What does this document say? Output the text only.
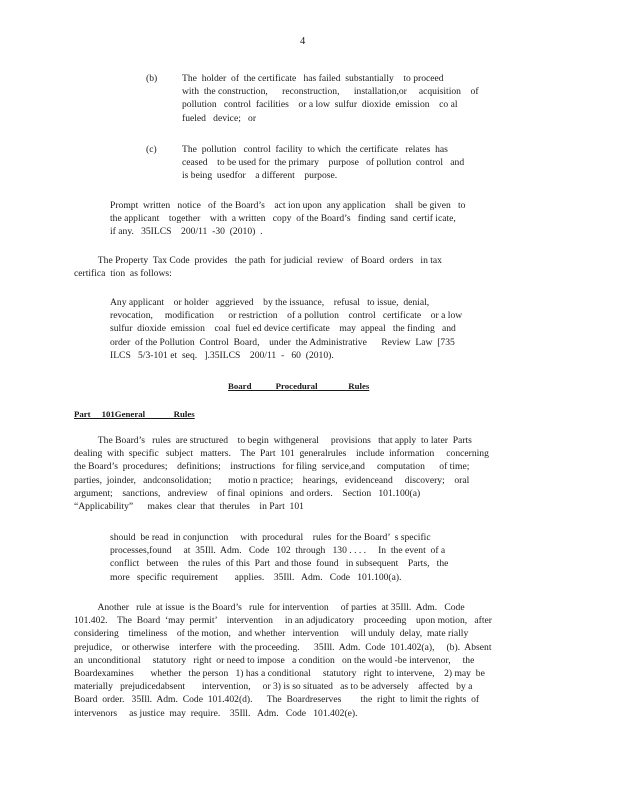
4
(b)	The  holder  of  the certificate   has failed  substantially    to proceed
with  the construction,      reconstruction,      installation,or     acquisition    of
pollution   control  facilities    or a low  sulfur  dioxide  emission    co al
fueled   device;   or
(c)	The  pollution   control  facility  to which  the certificate   relates  has
ceased    to be used for  the primary    purpose   of pollution  control   and
is being  usedfor    a different    purpose.
Prompt  written   notice   of  the Board’s    act ion upon  any application    shall  be given   to
the applicant    together    with  a written   copy  of the Board’s   finding  sand  certif icate,
if any.   35ILCS    200/11  -30  (2010)  .
The Property  Tax Code  provides   the path  for judicial  review   of Board  orders   in tax
certifica  tion  as follows:
Any applicant    or holder   aggrieved    by the issuance,    refusal   to issue,  denial,
revocation,     modification      or restriction    of a pollution    control   certificate    or a low
sulfur  dioxide  emission    coal  fuel ed device certificate    may  appeal   the finding   and
order  of the Pollution  Control  Board,    under  the Administrative      Review  Law  [735
ILCS   5/3-101 et  seq.   ].35ILCS    200/11  -   60  (2010).
Board           Procedural              Rules
Part     101General             Rules
The Board’s   rules  are structured    to begin  withgeneral     provisions   that apply  to later  Parts
dealing  with  specific   subject   matters.    The  Part  101  generalrules    include  information     concerning
the Board’s  procedures;    definitions;    instructions   for filing  service,and     computation      of time;
parties,  joinder,   andconsolidation;       motio n practice;    hearings,   evidenceand     discovery;    oral
argument;    sanctions,   andreview    of final  opinions   and orders.    Section   101.100(a)
“Applicability”      makes  clear  that  therules    in Part  101
should  be read  in conjunction     with  procedural    rules  for the Board’  s specific
processes,found     at  35Ill.  Adm.   Code   102  through   130 . . . .     In  the event  of a
conflict   between    the rules  of this  Part  and those  found   in subsequent    Parts,   the
more   specific  requirement       applies.    35Ill.   Adm.   Code   101.100(a).
Another   rule  at issue  is the Board’s   rule  for intervention     of parties  at 35Ill.  Adm.   Code
101.402.    The  Board  ‘may  permit’    intervention     in an adjudicatory    proceeding    upon motion,   after
considering    timeliness    of the motion,   and whether   intervention     will unduly  delay,  mate rially
prejudice,    or otherwise    interfere   with  the proceeding.      35Ill.  Adm.  Code  101.402(a),     (b).  Absent
an  unconditional     statutory   right  or need to impose   a condition   on the would -be intervenor,     the
Boardexamines       whether   the person   1) has a conditional     statutory   right  to intervene,    2) may  be
materially   prejudicedabsent       intervention,     or 3) is so situated   as to be adversely    affected   by a
Board  order.   35Ill.  Adm.  Code  101.402(d).      The  Boardreserves        the  right  to limit the rights  of
intervenors     as justice  may  require.    35Ill.   Adm.   Code   101.402(e).
